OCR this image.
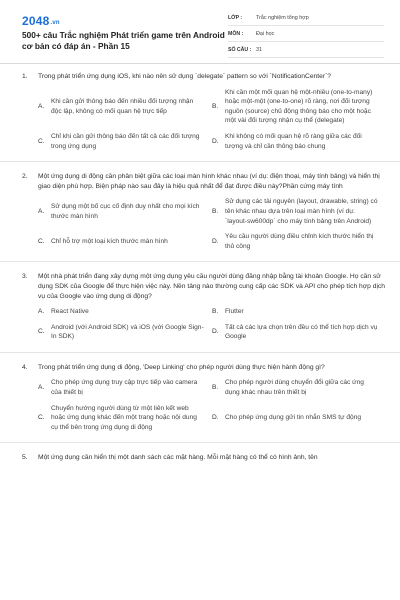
2048.vn
500+ câu Trắc nghiệm Phát triển game trên Android cơ bản có đáp án - Phần 15
LỚP :	Trắc nghiệm tổng hợp
MÔN :	Đại học
SỐ CÂU : 31
1.	Trong phát triển ứng dụng iOS, khi nào nên sử dụng `delegate` pattern so với `NotificationCenter`?
A.
Khi cần gửi thông báo đến nhiều đối tượng nhận độc lập, không có mối quan hệ trực tiếp
B.
Khi cần một mối quan hệ một-nhiều (one-to-many) hoặc một-một (one-to-one) rõ ràng, nơi đối tượng nguồn (source) chủ động thông báo cho một hoặc một vài đối tượng nhận cụ thể (delegate)
C.
Chỉ khi cần gửi thông báo đến tất cả các đối tượng trong ứng dụng
D.
Khi không có mối quan hệ rõ ràng giữa các đối tượng và chỉ cần thông báo chung
2.	Một ứng dụng di động cần phân biệt giữa các loại màn hình khác nhau (ví dụ: điện thoại, máy tính bảng) và hiển thị giao diện phù hợp. Biện pháp nào sau đây là hiệu quả nhất để đạt được điều này?Phần cứng máy tính
A.
Sử dụng một bố cục cố định duy nhất cho mọi kích thước màn hình
B.
Sử dụng các tài nguyên (layout, drawable, string) có tên khác nhau dựa trên loại màn hình (ví dụ: `layout-sw600dp` cho máy tính bảng trên Android)
C. Chỉ hỗ trợ một loại kích thước màn hình	D.
Yêu cầu người dùng điều chỉnh kích thước hiển thị thủ công
3.	Một nhà phát triển đang xây dựng một ứng dụng yêu cầu người dùng đăng nhập bằng tài khoản Google. Họ cần sử dụng SDK của Google để thực hiện việc này. Nền tảng nào thường cung cấp các SDK và API cho phép tích hợp dịch vụ của Google vào ứng dụng di động?
A.	React Native	B.	Flutter
C.
Android (với Android SDK) và iOS (với Google Sign-In SDK)
D.
Tất cả các lựa chọn trên đều có thể tích hợp dịch vụ Google
4.	Trong phát triển ứng dụng di động, 'Deep Linking' cho phép người dùng thực hiện hành động gì?
A.
Cho phép ứng dụng truy cập trực tiếp vào camera của thiết bị
B.
Cho phép người dùng chuyển đổi giữa các ứng dụng khác nhau trên thiết bị
C.
Chuyển hướng người dùng từ một liên kết web hoặc ứng dụng khác đến một trang hoặc nội dung cụ thể bên trong ứng dụng di động
D. Cho phép ứng dụng gửi tin nhắn SMS tự động
5.	Một ứng dụng cần hiển thị một danh sách các mặt hàng. Mỗi mặt hàng có thể có hình ảnh, tên
